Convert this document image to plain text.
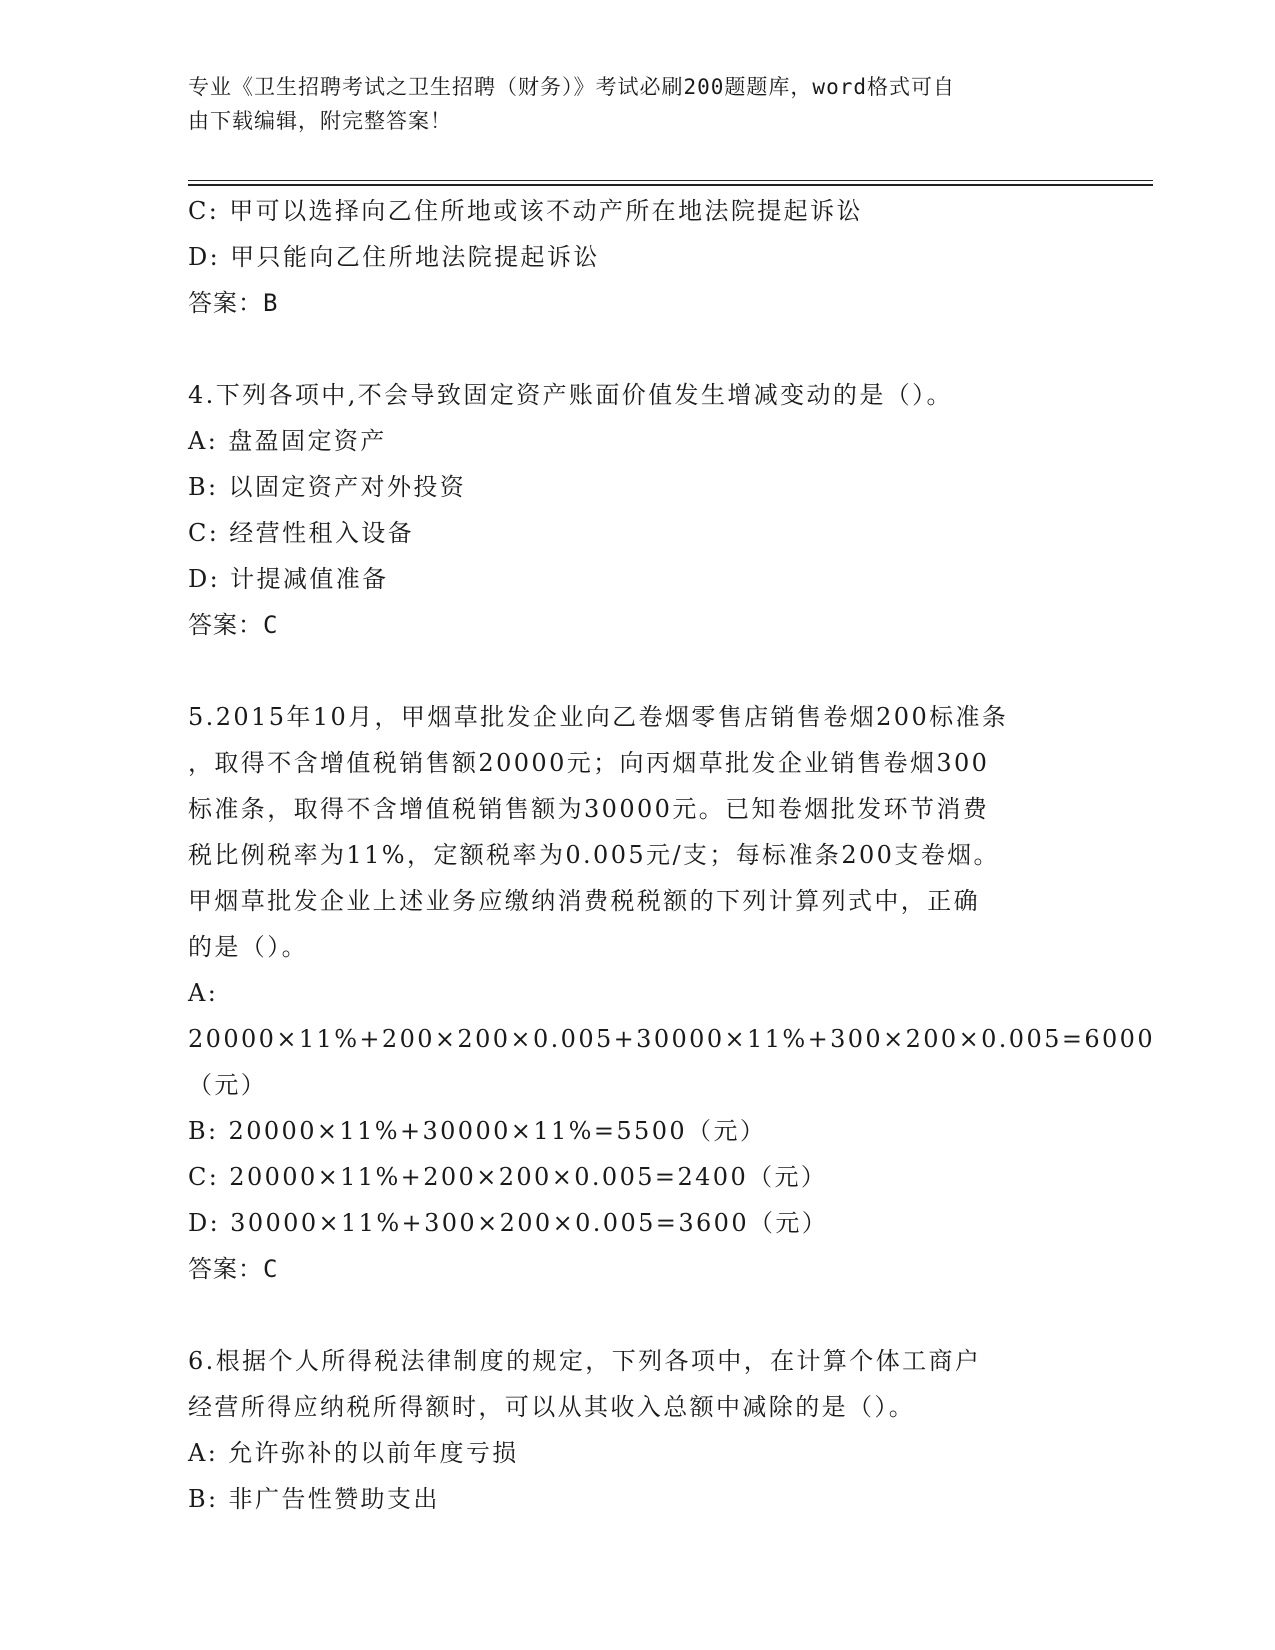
专业《卫生招聘考试之卫生招聘（财务）》考试必刷200题题库，word格式可自
由下载编辑，附完整答案！
C: 甲可以选择向乙住所地或该不动产所在地法院提起诉讼
D: 甲只能向乙住所地法院提起诉讼
答案：B
4.下列各项中,不会导致固定资产账面价值发生增减变动的是（）。
A: 盘盈固定资产
B: 以固定资产对外投资
C: 经营性租入设备
D: 计提减值准备
答案：C
5.2015年10月，甲烟草批发企业向乙卷烟零售店销售卷烟200标准条
，取得不含增值税销售额20000元；向丙烟草批发企业销售卷烟300
标准条，取得不含增值税销售额为30000元。已知卷烟批发环节消费
税比例税率为11%，定额税率为0.005元/支；每标准条200支卷烟。
甲烟草批发企业上述业务应缴纳消费税税额的下列计算列式中，正确
的是（）。
A: 20000×11%+200×200×0.005+30000×11%+300×200×0.005=6000
（元）
B: 20000×11%+30000×11%=5500（元）
C: 20000×11%+200×200×0.005=2400（元）
D: 30000×11%+300×200×0.005=3600（元）
答案：C
6.根据个人所得税法律制度的规定，下列各项中，在计算个体工商户
经营所得应纳税所得额时，可以从其收入总额中减除的是（）。
A: 允许弥补的以前年度亏损
B: 非广告性赞助支出
